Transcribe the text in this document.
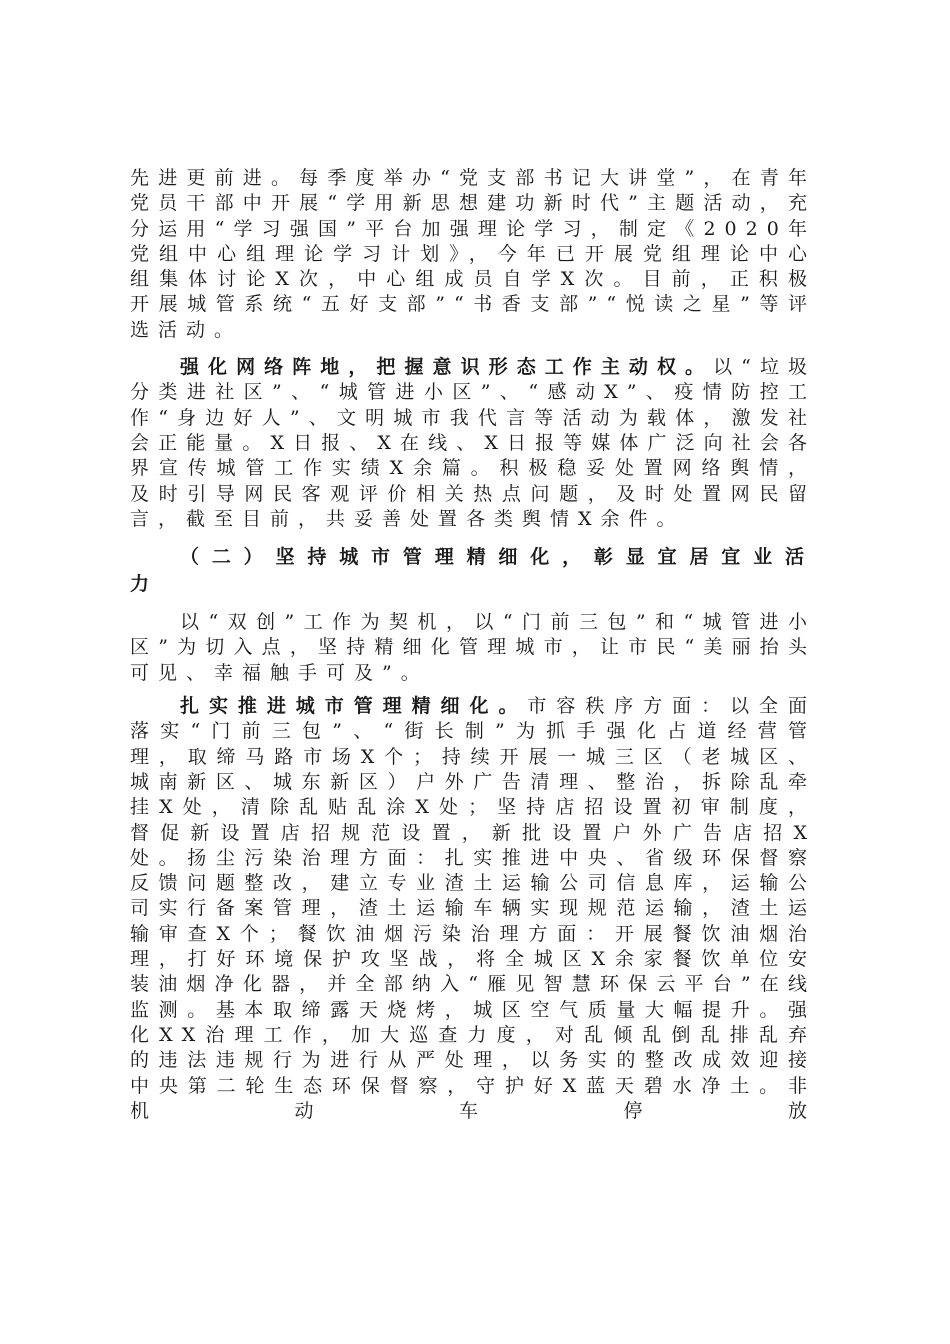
先进更前进。每季度举办“党支部书记大讲堂”，在青年党员干部中开展“学用新思想建功新时代”主题活动，充分运用“学习强国”平台加强理论学习，制定《2020年党组中心组理论学习计划》，今年已开展党组理论中心组集体讨论X次，中心组成员自学X次。目前，正积极开展城管系统“五好支部”“书香支部”“悦读之星”等评选活动。

强化网络阵地，把握意识形态工作主动权。以“垃圾分类进社区”、“城管进小区”、“感动X”、疫情防控工作“身边好人”、文明城市我代言等活动为载体，激发社会正能量。X日报、X在线、X日报等媒体广泛向社会各界宣传城管工作实绩X余篇。积极稳妥处置网络舆情，及时引导网民客观评价相关热点问题，及时处置网民留言，截至目前，共妥善处置各类舆情X余件。

（二）坚持城市管理精细化，彰显宜居宜业活力

以“双创”工作为契机，以“门前三包”和“城管进小区”为切入点，坚持精细化管理城市，让市民“美丽抬头可见、幸福触手可及”。

扎实推进城市管理精细化。市容秩序方面：以全面落实“门前三包”、“街长制”为抓手强化占道经营管理，取缔马路市场X个；持续开展一城三区（老城区、城南新区、城东新区）户外广告清理、整治，拆除乱牵挂X处，清除乱贴乱涂X处；坚持店招设置初审制度，督促新设置店招规范设置，新批设置户外广告店招X处。扬尘污染治理方面：扎实推进中央、省级环保督察反馈问题整改，建立专业渣土运输公司信息库，运输公司实行备案管理，渣土运输车辆实现规范运输，渣土运输审查X个；餐饮油烟污染治理方面：开展餐饮油烟治理，打好环境保护攻坚战，将全城区X余家餐饮单位安装油烟净化器，并全部纳入“雁见智慧环保云平台”在线监测。基本取缔露天烧烤，城区空气质量大幅提升。强化XX治理工作，加大巡查力度，对乱倾乱倒乱排乱弃的违法违规行为进行从严处理，以务实的整改成效迎接中央第二轮生态环保督察，守护好X蓝天碧水净土。非机动车停放
